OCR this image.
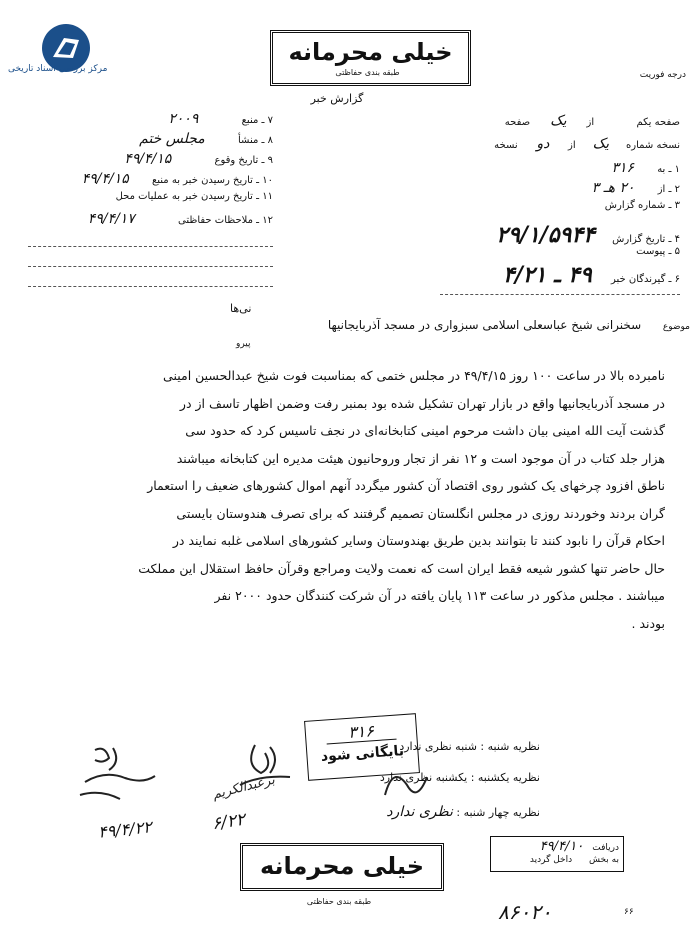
مرکز بررسی اسناد تاریخی
خیلی محرمانه
طبقه بندی حفاظتی
گزارش خبر
درجه فوریت
صفحه یکم  از یک صفحه
نسخه شماره یک از دو نسخه
۱ ـ به ۳۱۶
۲ ـ از ۲۰ هـ ۳
۳ ـ شماره گزارش
۴ ـ تاریخ گزارش ۲۹/۱/۵۹۴۴
۵ ـ پیوست
۶ ـ گیرندگان خبر ۴۹ ـ ۴/۲۱
۷ ـ منبع ۲۰۰۹
۸ ـ منشأ مجلس ختم
۹ ـ تاریخ وقوع ۴۹/۴/۱۵
۱۰ ـ تاریخ رسیدن خبر به منبع ۴۹/۴/۱۵
۱۱ ـ تاریخ رسیدن خبر به عملیات محل
۱۲ ـ ملاحظات حفاظتی ۴۹/۴/۱۷
نی‌ها
موضوع  سخنرانی شیخ عباسعلی اسلامی سبزواری در مسجد آذربایجانیها
پیرو
نامبرده بالا در ساعت ۱۰۰ روز ۴۹/۴/۱۵ در مجلس ختمی که بمناسبت فوت شیخ عبدالحسین امینی
در مسجد آذربایجانیها واقع در بازار تهران تشکیل شده بود بمنبر رفت وضمن اظهار تاسف از در
گذشت آیت الله امینی بیان داشت مرحوم امینی کتابخانه‌ای در نجف تاسیس کرد که حدود سی
هزار جلد کتاب در آن موجود است و ۱۲ نفر از تجار وروحانیون هیئت مدیره این کتابخانه میباشند
ناطق افزود چرخهای یک کشور روی اقتصاد آن کشور میگردد آنهم اموال کشورهای ضعیف را استعمار
گران بردند وخوردند روزی در مجلس انگلستان تصمیم گرفتند که برای تصرف هندوستان بایستی
احکام قرآن را نابود کنند تا بتوانند بدین طریق بهندوستان وسایر کشورهای اسلامی غلبه نمایند در
حال حاضر تنها کشور شیعه فقط ایران است که نعمت ولایت ومراجع وقرآن حافظ استقلال این مملکت
میباشند . مجلس مذکور در ساعت ۱۱۳ پایان یافته در آن شرکت کنندگان حدود ۲۰۰۰ نفر
بودند .
نظریه شنبه : شنبه نظری ندارد
نظریه یکشنبه : یکشنبه نظری ندارد
نظریه چهار شنبه : نظری ندارد
۳۱۶
بایگانی شود
دریافت ۴۹/۴/۱۰
به بخش داخل گردید
خیلی محرمانه
طبقه بندی حفاظتی	۸۶۰۲۰	۶۶
۴۹/۴/۲۲
برعبدالکریم
۶/۲۲
